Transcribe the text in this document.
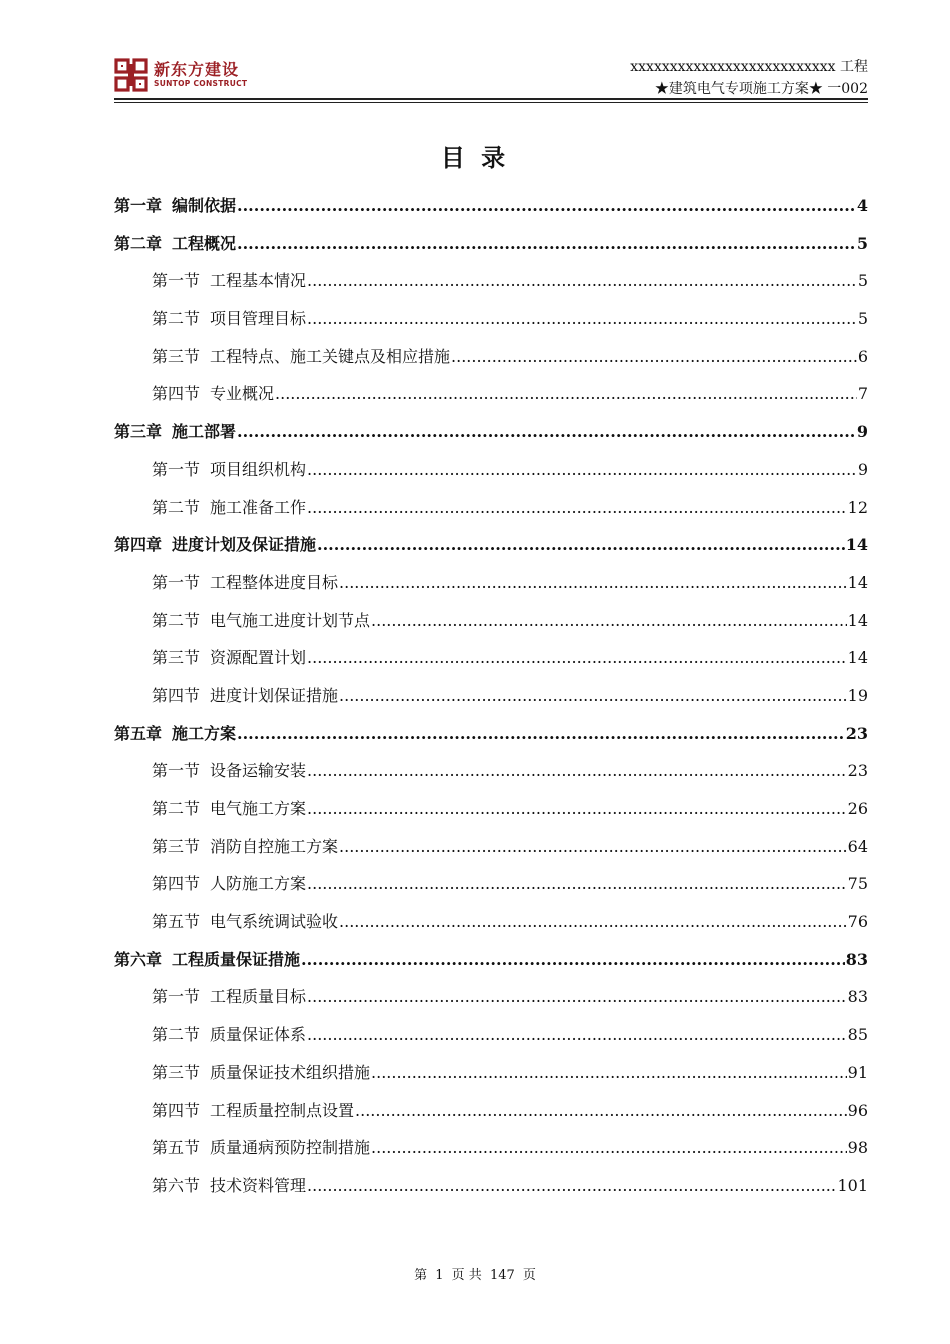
新东方建设
SUNTOP CONSTRUCT
xxxxxxxxxxxxxxxxxxxxxxxxxx 工程
★建筑电气专项施工方案★ 一002
目 录
第一章 编制依据 .....	4
第二章 工程概况 .....	5
第一节 工程基本情况 .....	5
第二节 项目管理目标 .....	5
第三节 工程特点、施工关键点及相应措施 .....	6
第四节 专业概况 .....	7
第三章 施工部署 .....	9
第一节 项目组织机构 .....	9
第二节 施工准备工作 .....	12
第四章 进度计划及保证措施 .....	14
第一节 工程整体进度目标 .....	14
第二节 电气施工进度计划节点 .....	14
第三节 资源配置计划 .....	14
第四节 进度计划保证措施 .....	19
第五章 施工方案 .....	23
第一节 设备运输安装 .....	23
第二节 电气施工方案 .....	26
第三节 消防自控施工方案 .....	64
第四节 人防施工方案 .....	75
第五节 电气系统调试验收 .....	76
第六章 工程质量保证措施 .....	83
第一节 工程质量目标 .....	83
第二节 质量保证体系 .....	85
第三节 质量保证技术组织措施 .....	91
第四节 工程质量控制点设置 .....	96
第五节 质量通病预防控制措施 .....	98
第六节 技术资料管理 .....	101
第 1 页 共 147 页
